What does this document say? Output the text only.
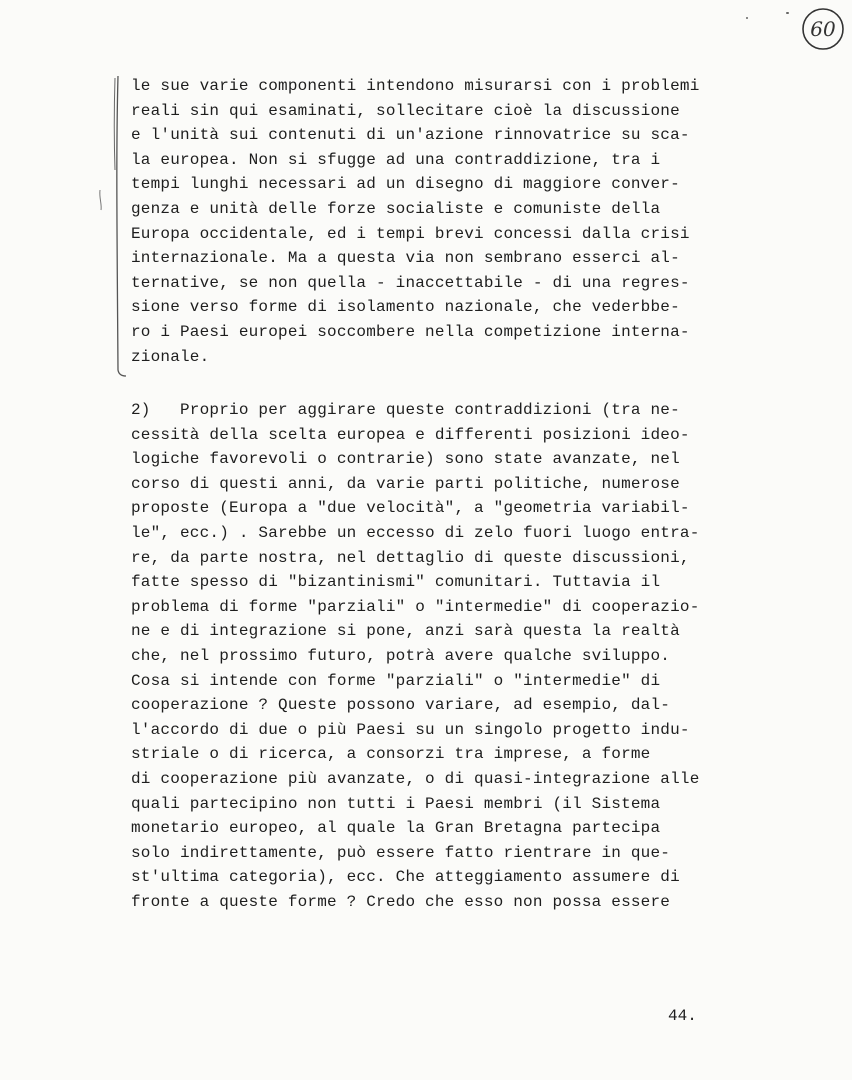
60
le sue varie componenti intendono misurarsi con i problemi
reali sin qui esaminati, sollecitare cioè la discussione
e l'unità sui contenuti di un'azione rinnovatrice su sca-
la europea. Non si sfugge ad una contraddizione, tra i
tempi lunghi necessari ad un disegno di maggiore conver-
genza e unità delle forze socialiste e comuniste della
Europa occidentale, ed i tempi brevi concessi dalla crisi
internazionale. Ma a questa via non sembrano esserci al-
ternative, se non quella - inaccettabile - di una regres-
sione verso forme di isolamento nazionale, che vederbbe-
ro i Paesi europei soccombere nella competizione interna-
zionale.
2)   Proprio per aggirare queste contraddizioni (tra ne-
cessità della scelta europea e differenti posizioni ideo-
logiche favorevoli o contrarie) sono state avanzate, nel
corso di questi anni, da varie parti politiche, numerose
proposte (Europa a "due velocità", a "geometria variabil-
le", ecc.) . Sarebbe un eccesso di zelo fuori luogo entra-
re, da parte nostra, nel dettaglio di queste discussioni,
fatte spesso di "bizantinismi" comunitari. Tuttavia il
problema di forme "parziali" o "intermedie" di cooperazio-
ne e di integrazione si pone, anzi sarà questa la realtà
che, nel prossimo futuro, potrà avere qualche sviluppo.
Cosa si intende con forme "parziali" o "intermedie" di
cooperazione ? Queste possono variare, ad esempio, dal-
l'accordo di due o più Paesi su un singolo progetto indu-
striale o di ricerca, a consorzi tra imprese, a forme
di cooperazione più avanzate, o di quasi-integrazione alle
quali partecipino non tutti i Paesi membri (il Sistema
monetario europeo, al quale la Gran Bretagna partecipa
solo indirettamente, può essere fatto rientrare in que-
st'ultima categoria), ecc. Che atteggiamento assumere di
fronte a queste forme ? Credo che esso non possa essere
44.
